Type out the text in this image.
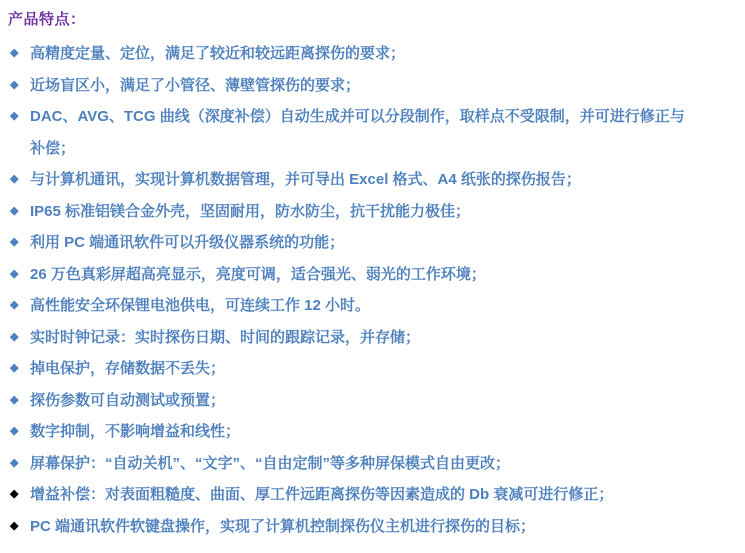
产品特点：
◆ 高精度定量、定位，满足了较近和较远距离探伤的要求；
◆ 近场盲区小，满足了小管径、薄壁管探伤的要求；
◆ DAC、AVG、TCG 曲线（深度补偿）自动生成并可以分段制作，取样点不受限制，并可进行修正与补偿；
◆ 与计算机通讯，实现计算机数据管理，并可导出 Excel 格式、A4 纸张的探伤报告；
◆ IP65 标准铝镁合金外壳，坚固耐用，防水防尘，抗干扰能力极佳；
◆ 利用 PC 端通讯软件可以升级仪器系统的功能；
◆ 26 万色真彩屏超高亮显示，亮度可调，适合强光、弱光的工作环境；
◆ 高性能安全环保锂电池供电，可连续工作 12 小时。
◆ 实时时钟记录：实时探伤日期、时间的跟踪记录，并存储；
◆ 掉电保护，存储数据不丢失；
◆ 探伤参数可自动测试或预置；
◆ 数字抑制，不影响增益和线性；
◆ 屏幕保护：“自动关机”、“文字”、“自由定制”等多种屏保模式自由更改；
◆ 增益补偿：对表面粗糙度、曲面、厚工件远距离探伤等因素造成的 Db 衰减可进行修正；
◆ PC 端通讯软件软键盘操作，实现了计算机控制探伤仪主机进行探伤的目标；
